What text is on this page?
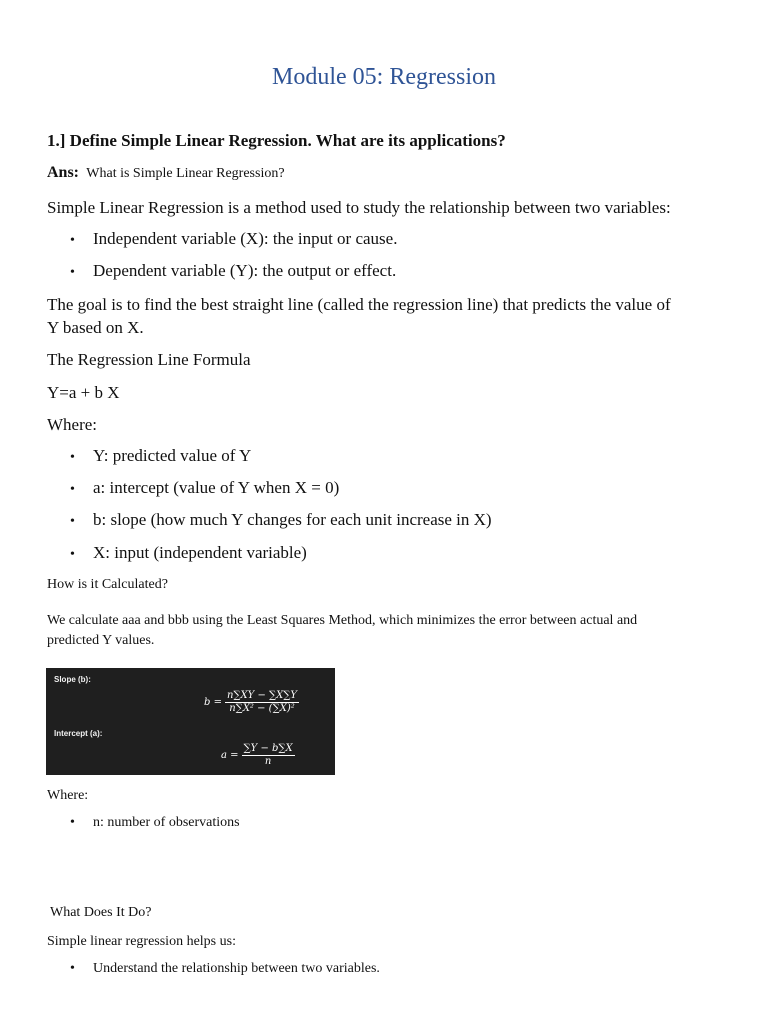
Module 05: Regression
1.] Define Simple Linear Regression. What are its applications?
Ans: What is Simple Linear Regression?
Simple Linear Regression is a method used to study the relationship between two variables:
• Independent variable (X): the input or cause.
• Dependent variable (Y): the output or effect.
The goal is to find the best straight line (called the regression line) that predicts the value of
Y based on X.
The Regression Line Formula
Y=a + b X
Where:
• Y: predicted value of Y
• a: intercept (value of Y when X = 0)
• b: slope (how much Y changes for each unit increase in X)
• X: input (independent variable)
How is it Calculated?
We calculate aaa and bbb using the Least Squares Method, which minimizes the error between actual and
predicted Y values.
Slope (b):
$b = \frac{n\sum XY - \sum X\sum Y}{\text{n∑X² − (∑X)²}}$
Intercept (a):
$a = \frac{\sum Y - b\sum X}{n}$
Where:
• n: number of observations
What Does It Do?
Simple linear regression helps us:
• Understand the relationship between two variables.
